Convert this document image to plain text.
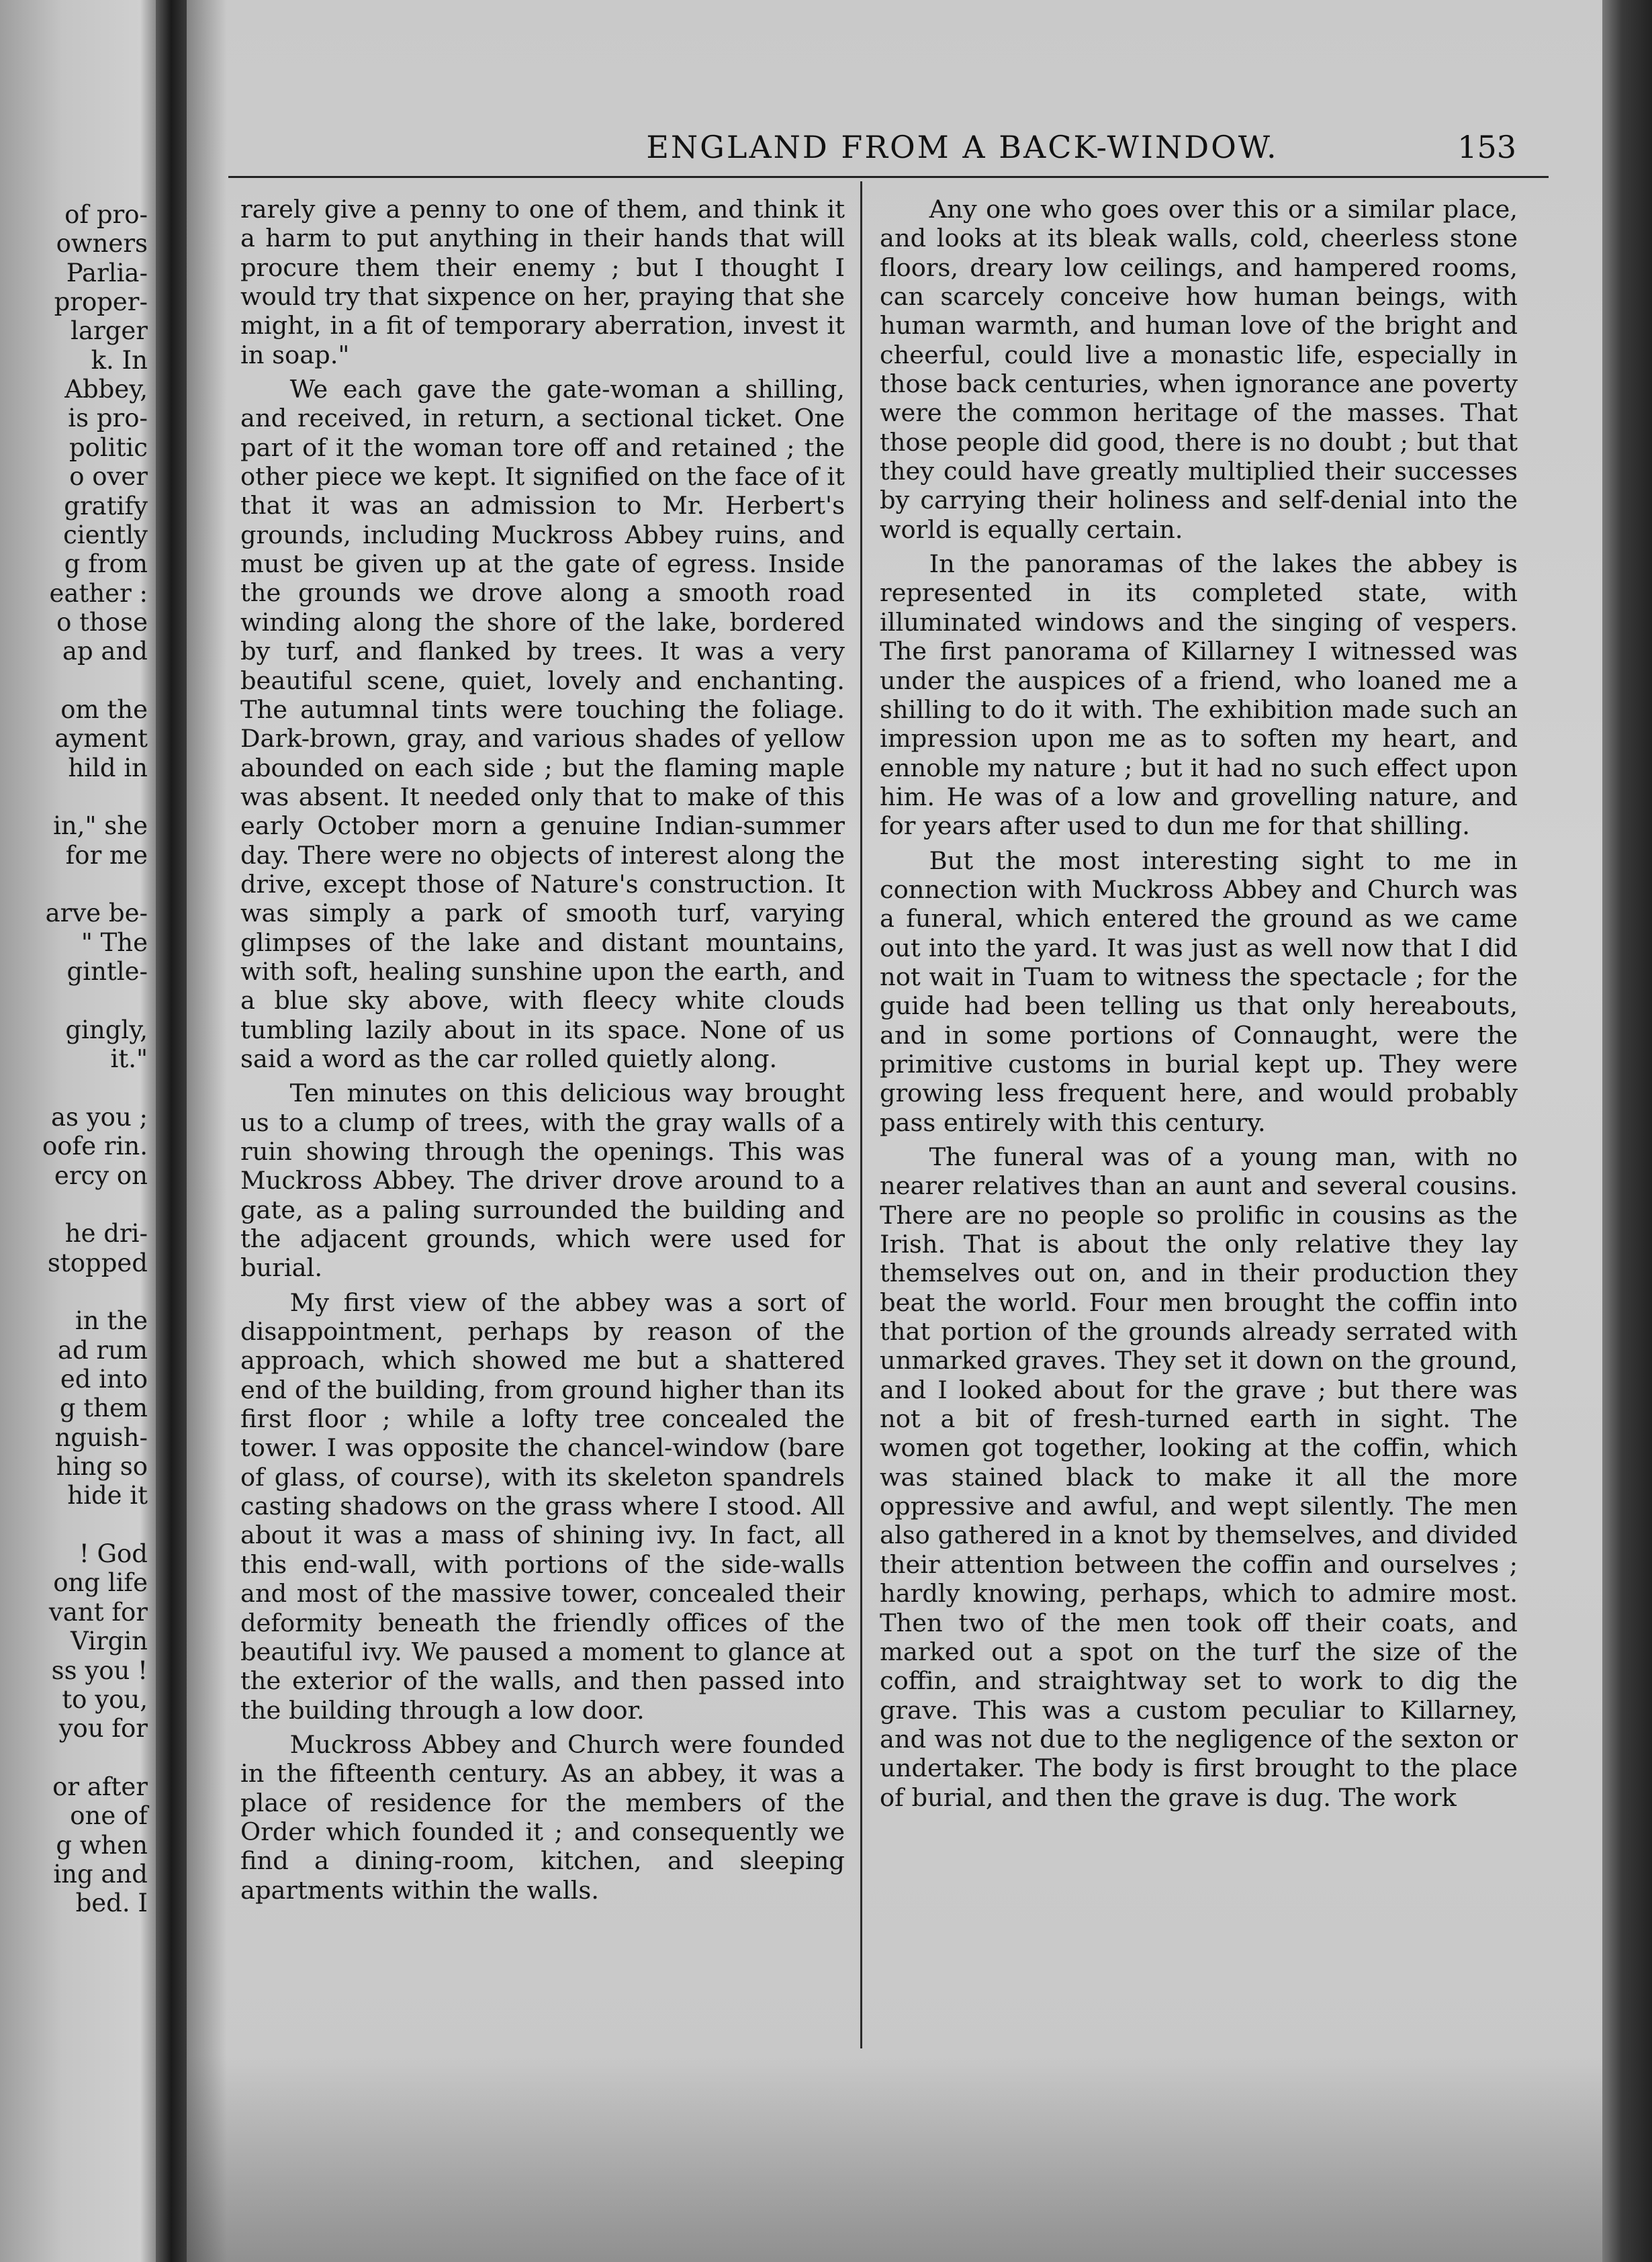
of pro-
owners
Parlia-
proper-
larger
k. In
Abbey,
is pro-
politic
o over
gratify
ciently
g from
eather :
o those
ap and
om the
ayment
hild in
in," she
for me
arve be-
" The
gintle-
gingly,
it."
as you ;
oofe rin.
ercy on
he dri-
stopped
in the
ad rum
ed into
g them
nguish-
hing so
hide it
! God
ong life
vant for
Virgin
ss you !
to you,
you for
or after
one of
g when
ing and
bed. I
ENGLAND FROM A BACK-WINDOW.	153

rarely give a penny to one of them, and think it a harm to put anything in their hands that will procure them their enemy ; but I thought I would try that sixpence on her, praying that she might, in a fit of temporary aberration, invest it in soap."

We each gave the gate-woman a shilling, and received, in return, a sectional ticket. One part of it the woman tore off and retained ; the other piece we kept. It signified on the face of it that it was an admission to Mr. Herbert's grounds, including Muckross Abbey ruins, and must be given up at the gate of egress. Inside the grounds we drove along a smooth road winding along the shore of the lake, bordered by turf, and flanked by trees. It was a very beautiful scene, quiet, lovely and enchanting. The autumnal tints were touching the foliage. Dark-brown, gray, and various shades of yellow abounded on each side ; but the flaming maple was absent. It needed only that to make of this early October morn a genuine Indian-summer day. There were no objects of interest along the drive, except those of Nature's construction. It was simply a park of smooth turf, varying glimpses of the lake and distant mountains, with soft, healing sunshine upon the earth, and a blue sky above, with fleecy white clouds tumbling lazily about in its space. None of us said a word as the car rolled quietly along.

Ten minutes on this delicious way brought us to a clump of trees, with the gray walls of a ruin showing through the openings. This was Muckross Abbey. The driver drove around to a gate, as a paling surrounded the building and the adjacent grounds, which were used for burial.

My first view of the abbey was a sort of disappointment, perhaps by reason of the approach, which showed me but a shattered end of the building, from ground higher than its first floor ; while a lofty tree concealed the tower. I was opposite the chancel-window (bare of glass, of course), with its skeleton spandrels casting shadows on the grass where I stood. All about it was a mass of shining ivy. In fact, all this end-wall, with portions of the side-walls and most of the massive tower, concealed their deformity beneath the friendly offices of the beautiful ivy. We paused a moment to glance at the exterior of the walls, and then passed into the building through a low door.

Muckross Abbey and Church were founded in the fifteenth century. As an abbey, it was a place of residence for the members of the Order which founded it ; and consequently we find a dining-room, kitchen, and sleeping apartments within the walls.

Any one who goes over this or a similar place, and looks at its bleak walls, cold, cheerless stone floors, dreary low ceilings, and hampered rooms, can scarcely conceive how human beings, with human warmth, and human love of the bright and cheerful, could live a monastic life, especially in those back centuries, when ignorance ane poverty were the common heritage of the masses. That those people did good, there is no doubt ; but that they could have greatly multiplied their successes by carrying their holiness and self-denial into the world is equally certain.

In the panoramas of the lakes the abbey is represented in its completed state, with illuminated windows and the singing of vespers. The first panorama of Killarney I witnessed was under the auspices of a friend, who loaned me a shilling to do it with. The exhibition made such an impression upon me as to soften my heart, and ennoble my nature ; but it had no such effect upon him. He was of a low and grovelling nature, and for years after used to dun me for that shilling.

But the most interesting sight to me in connection with Muckross Abbey and Church was a funeral, which entered the ground as we came out into the yard. It was just as well now that I did not wait in Tuam to witness the spectacle ; for the guide had been telling us that only hereabouts, and in some portions of Connaught, were the primitive customs in burial kept up. They were growing less frequent here, and would probably pass entirely with this century.

The funeral was of a young man, with no nearer relatives than an aunt and several cousins. There are no people so prolific in cousins as the Irish. That is about the only relative they lay themselves out on, and in their production they beat the world. Four men brought the coffin into that portion of the grounds already serrated with unmarked graves. They set it down on the ground, and I looked about for the grave ; but there was not a bit of fresh-turned earth in sight. The women got together, looking at the coffin, which was stained black to make it all the more oppressive and awful, and wept silently. The men also gathered in a knot by themselves, and divided their attention between the coffin and ourselves ; hardly knowing, perhaps, which to admire most. Then two of the men took off their coats, and marked out a spot on the turf the size of the coffin, and straightway set to work to dig the grave. This was a custom peculiar to Killarney, and was not due to the negligence of the sexton or undertaker. The body is first brought to the place of burial, and then the grave is dug. The work
